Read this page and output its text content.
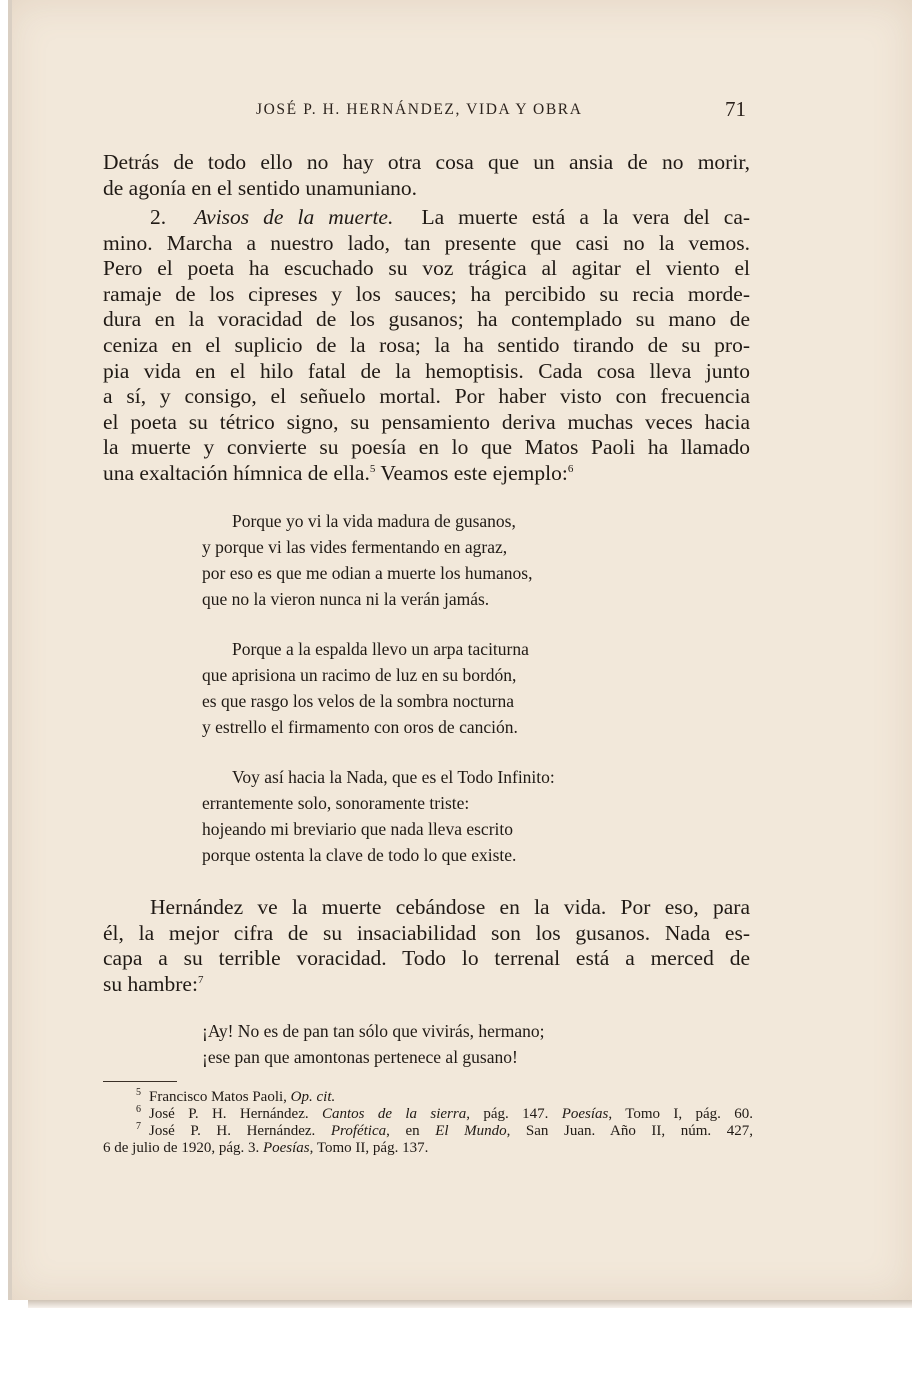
JOSÉ P. H. HERNÁNDEZ, VIDA Y OBRA	71
Detrás de todo ello no hay otra cosa que un ansia de no morir,
de agonía en el sentido unamuniano.
2. Avisos de la muerte. La muerte está a la vera del ca-
mino. Marcha a nuestro lado, tan presente que casi no la vemos.
Pero el poeta ha escuchado su voz trágica al agitar el viento el
ramaje de los cipreses y los sauces; ha percibido su recia morde-
dura en la voracidad de los gusanos; ha contemplado su mano de
ceniza en el suplicio de la rosa; la ha sentido tirando de su pro-
pia vida en el hilo fatal de la hemoptisis. Cada cosa lleva junto
a sí, y consigo, el señuelo mortal. Por haber visto con frecuencia
el poeta su tétrico signo, su pensamiento deriva muchas veces hacia
la muerte y convierte su poesía en lo que Matos Paoli ha llamado
una exaltación hímnica de ella.$^5$ Veamos este ejemplo:$^6$
Porque yo vi la vida madura de gusanos,
y porque vi las vides fermentando en agraz,
por eso es que me odian a muerte los humanos,
que no la vieron nunca ni la verán jamás.
Porque a la espalda llevo un arpa taciturna
que aprisiona un racimo de luz en su bordón,
es que rasgo los velos de la sombra nocturna
y estrello el firmamento con oros de canción.
Voy así hacia la Nada, que es el Todo Infinito:
errantemente solo, sonoramente triste:
hojeando mi breviario que nada lleva escrito
porque ostenta la clave de todo lo que existe.
Hernández ve la muerte cebándose en la vida. Por eso, para
él, la mejor cifra de su insaciabilidad son los gusanos. Nada es-
capa a su terrible voracidad. Todo lo terrenal está a merced de
su hambre:$^7$
¡Ay! No es de pan tan sólo que vivirás, hermano;
¡ese pan que amontonas pertenece al gusano!
$^5$ Francisco Matos Paoli, Op. cit.
$^6$ José P. H. Hernández. Cantos de la sierra, pág. 147. Poesías, Tomo I, pág. 60.
$^7$ José P. H. Hernández. Profética, en El Mundo, San Juan. Año II, núm. 427,
6 de julio de 1920, pág. 3. Poesías, Tomo II, pág. 137.
